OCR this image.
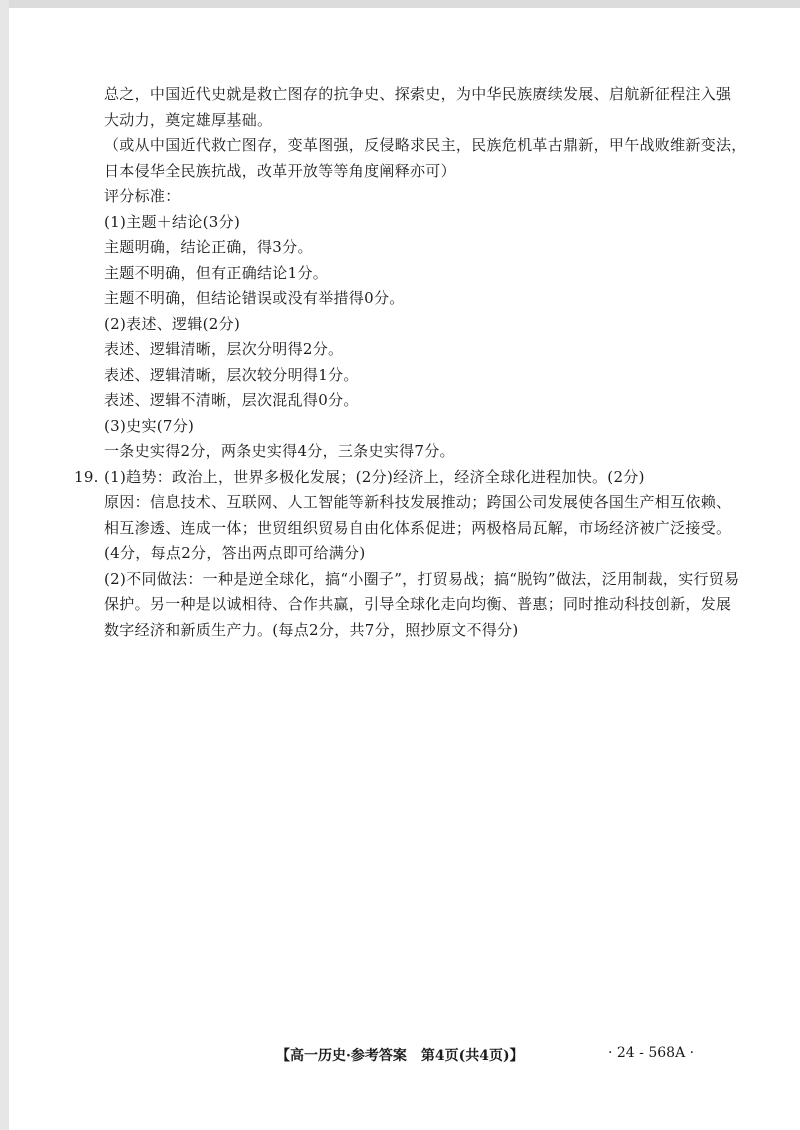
总之，中国近代史就是救亡图存的抗争史、探索史，为中华民族赓续发展、启航新征程注入强
大动力，奠定雄厚基础。
（或从中国近代救亡图存，变革图强，反侵略求民主，民族危机革古鼎新，甲午战败维新变法，
日本侵华全民族抗战，改革开放等等角度阐释亦可）
评分标准：
(1)主题＋结论(3分)
主题明确，结论正确，得3分。
主题不明确，但有正确结论1分。
主题不明确，但结论错误或没有举措得0分。
(2)表述、逻辑(2分)
表述、逻辑清晰，层次分明得2分。
表述、逻辑清晰，层次较分明得1分。
表述、逻辑不清晰，层次混乱得0分。
(3)史实(7分)
一条史实得2分，两条史实得4分，三条史实得7分。
19. (1)趋势：政治上，世界多极化发展；(2分)经济上，经济全球化进程加快。(2分)
原因：信息技术、互联网、人工智能等新科技发展推动；跨国公司发展使各国生产相互依赖、
相互渗透、连成一体；世贸组织贸易自由化体系促进；两极格局瓦解，市场经济被广泛接受。
(4分，每点2分，答出两点即可给满分)
(2)不同做法：一种是逆全球化，搞“小圈子”，打贸易战；搞“脱钩”做法，泛用制裁，实行贸易
保护。另一种是以诚相待、合作共赢，引导全球化走向均衡、普惠；同时推动科技创新，发展
数字经济和新质生产力。(每点2分，共7分，照抄原文不得分)
【高一历史·参考答案　第4页(共4页)】	· 24 - 568A ·
